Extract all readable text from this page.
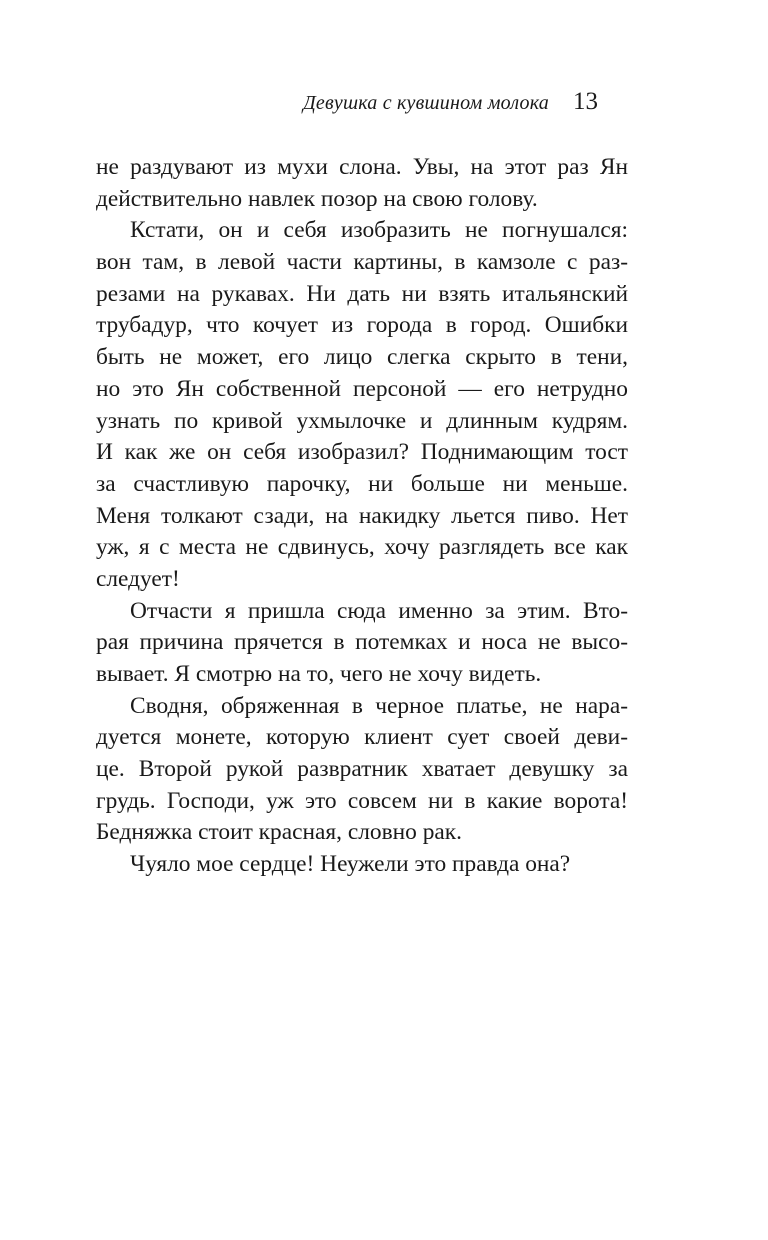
Девушка с кувшином молока 13
не раздувают из мухи слона. Увы, на этот раз Ян
действительно навлек позор на свою голову.
Кстати, он и себя изобразить не погнушался:
вон там, в левой части картины, в камзоле с раз-
резами на рукавах. Ни дать ни взять итальянский
трубадур, что кочует из города в город. Ошибки
быть не может, его лицо слегка скрыто в тени,
но это Ян собственной персоной — его нетрудно
узнать по кривой ухмылочке и длинным кудрям.
И как же он себя изобразил? Поднимающим тост
за счастливую парочку, ни больше ни меньше.
Меня толкают сзади, на накидку льется пиво. Нет
уж, я с места не сдвинусь, хочу разглядеть все как
следует!
Отчасти я пришла сюда именно за этим. Вто-
рая причина прячется в потемках и носа не высо-
вывает. Я смотрю на то, чего не хочу видеть.
Сводня, обряженная в черное платье, не нара-
дуется монете, которую клиент сует своей деви-
це. Второй рукой развратник хватает девушку за
грудь. Господи, уж это совсем ни в какие ворота!
Бедняжка стоит красная, словно рак.
Чуяло мое сердце! Неужели это правда она?
